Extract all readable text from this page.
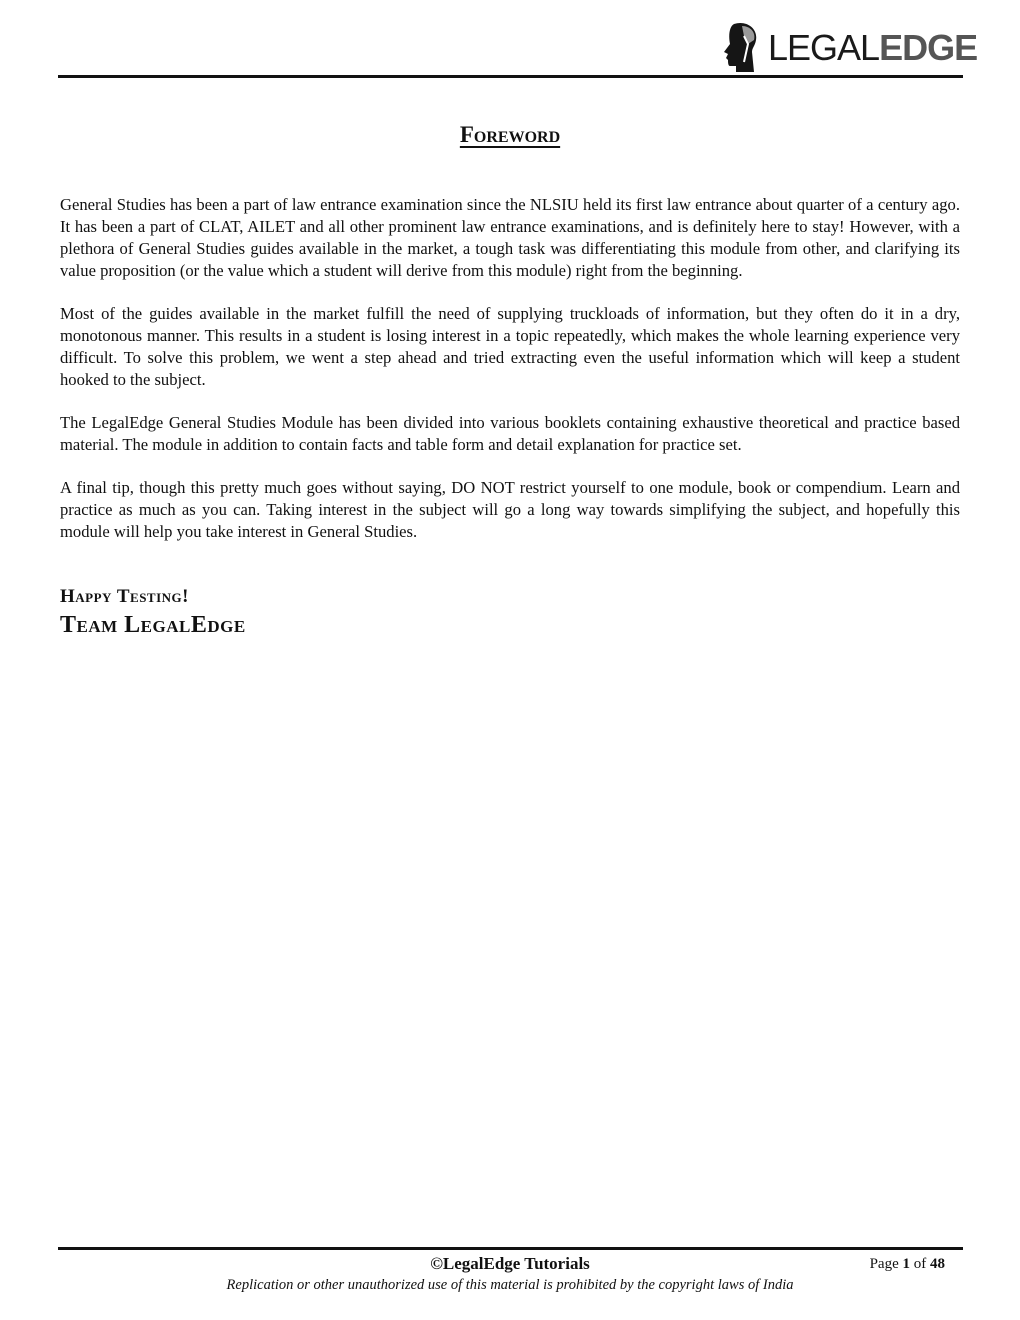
LEGALEDGE
Foreword

General Studies has been a part of law entrance examination since the NLSIU held its first law entrance about quarter of a century ago. It has been a part of CLAT, AILET and all other prominent law entrance examinations, and is definitely here to stay! However, with a plethora of General Studies guides available in the market, a tough task was differentiating this module from other, and clarifying its value proposition (or the value which a student will derive from this module) right from the beginning.

Most of the guides available in the market fulfill the need of supplying truckloads of information, but they often do it in a dry, monotonous manner. This results in a student is losing interest in a topic repeatedly, which makes the whole learning experience very difficult. To solve this problem, we went a step ahead and tried extracting even the useful information which will keep a student hooked to the subject.

The LegalEdge General Studies Module has been divided into various booklets containing exhaustive theoretical and practice based material. The module in addition to contain facts and table form and detail explanation for practice set.

A final tip, though this pretty much goes without saying, DO NOT restrict yourself to one module, book or compendium. Learn and practice as much as you can. Taking interest in the subject will go a long way towards simplifying the subject, and hopefully this module will help you take interest in General Studies.

Happy Testing!
Team LegalEdge
©LegalEdge Tutorials	Page 1 of 48
Replication or other unauthorized use of this material is prohibited by the copyright laws of India
